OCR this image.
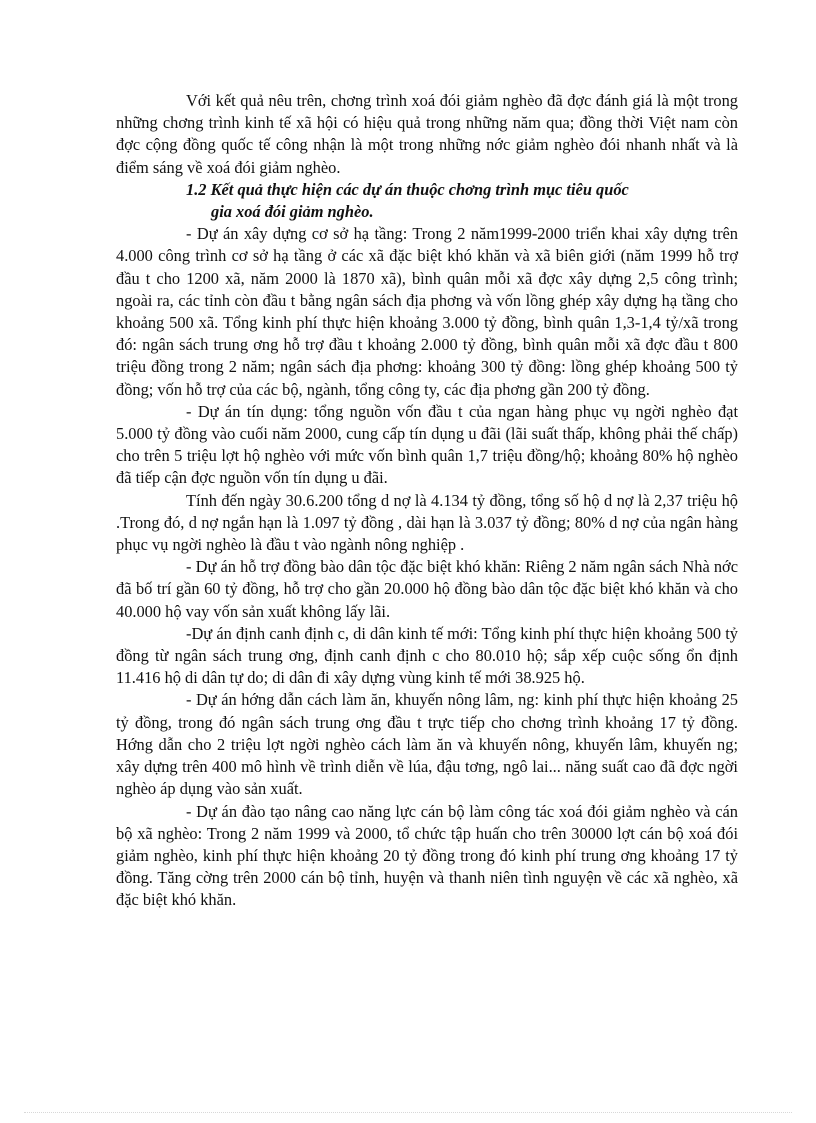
Với kết quả nêu trên, chơng trình xoá đói giảm nghèo đã đợc đánh giá là một trong những chơng trình kinh tế xã hội có hiệu quả trong những năm qua; đồng thời Việt nam còn đợc cộng đồng quốc tế công nhận là một trong những nớc giảm nghèo đói nhanh nhất và là điểm sáng về xoá đói giảm nghèo.

1.2 Kết quả thực hiện các dự án thuộc chơng trình mục tiêu quốc
gia xoá đói giảm nghèo.

- Dự án xây dựng cơ sở hạ tầng: Trong 2 năm1999-2000 triển khai xây dựng trên 4.000 công trình cơ sở hạ tầng ở các xã đặc biệt khó khăn và xã biên giới (năm 1999 hỗ trợ đầu t cho 1200 xã, năm 2000 là 1870 xã), bình quân mỗi xã đợc xây dựng 2,5 công trình; ngoài ra, các tỉnh còn đầu t bằng ngân sách địa phơng và vốn lồng ghép xây dựng hạ tầng cho khoảng 500 xã. Tổng kinh phí thực hiện khoảng 3.000 tỷ đồng, bình quân 1,3-1,4 tỷ/xã trong đó: ngân sách trung ơng hỗ trợ đầu t khoảng 2.000 tỷ đồng, bình quân mỗi xã đợc đầu t 800 triệu đồng trong 2 năm; ngân sách địa phơng: khoảng 300 tỷ đồng: lồng ghép khoảng 500 tỷ đồng; vốn hỗ trợ của các bộ, ngành, tổng công ty, các địa phơng gần 200 tỷ đồng.

- Dự án tín dụng: tổng nguồn vốn đầu t của ngan hàng phục vụ ngời nghèo đạt 5.000 tỷ đồng vào cuối năm 2000, cung cấp tín dụng u đãi (lãi suất thấp, không phải thế chấp) cho trên 5 triệu lợt hộ nghèo với mức vốn bình quân 1,7 triệu đồng/hộ; khoảng 80% hộ nghèo đã tiếp cận đợc nguồn vốn tín dụng u đãi.

Tính đến ngày 30.6.200 tổng d nợ là 4.134 tỷ đồng, tổng số hộ d nợ là 2,37 triệu hộ .Trong đó, d nợ ngắn hạn là 1.097 tỷ đồng , dài hạn là 3.037 tỷ đồng; 80% d nợ của ngân hàng phục vụ ngời nghèo là đầu t vào ngành nông nghiệp .

- Dự án hỗ trợ đồng bào dân tộc đặc biệt khó khăn: Riêng 2 năm ngân sách Nhà nớc đã bố trí gần 60 tỷ đồng, hỗ trợ cho gần 20.000 hộ đồng bào dân tộc đặc biệt khó khăn và cho 40.000 hộ vay vốn sản xuất không lấy lãi.

-Dự án định canh định c, di dân kinh tế mới: Tổng kinh phí thực hiện khoảng 500 tỷ đồng từ ngân sách trung ơng, định canh định c cho 80.010 hộ; sắp xếp cuộc sống ổn định 11.416 hộ di dân tự do; di dân đi xây dựng vùng kinh tế mới 38.925 hộ.

- Dự án hớng dẫn cách làm ăn, khuyến nông lâm, ng: kinh phí thực hiện khoảng 25 tỷ đồng, trong đó ngân sách trung ơng đầu t trực tiếp cho chơng trình khoảng 17 tỷ đồng. Hớng dẫn cho 2 triệu lợt ngời nghèo cách làm ăn và khuyến nông, khuyến lâm, khuyến ng; xây dựng trên 400 mô hình về trình diễn về lúa, đậu tơng, ngô lai... năng suất cao đã đợc ngời nghèo áp dụng vào sản xuất.

- Dự án đào tạo nâng cao năng lực cán bộ làm công tác xoá đói giảm nghèo và cán bộ xã nghèo: Trong 2 năm 1999 và 2000, tổ chức tập huấn cho trên 30000 lợt cán bộ xoá đói giảm nghèo, kinh phí thực hiện khoảng 20 tỷ đồng trong đó kinh phí trung ơng khoảng 17 tỷ đồng. Tăng cờng trên 2000 cán bộ tỉnh, huyện và thanh niên tình nguyện về các xã nghèo, xã đặc biệt khó khăn.
